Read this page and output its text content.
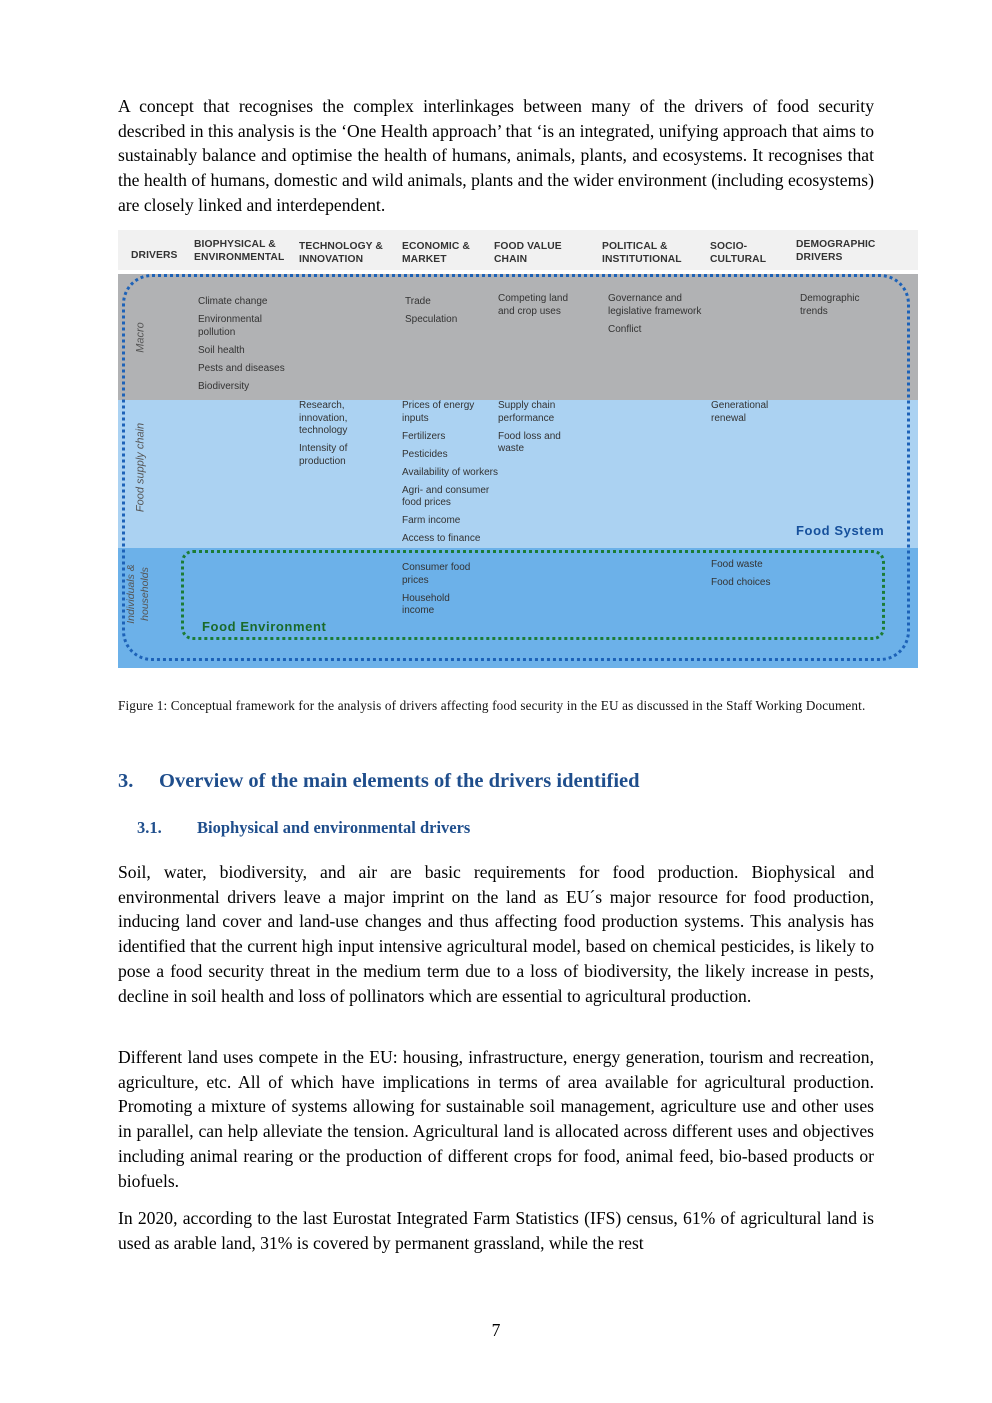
A concept that recognises the complex interlinkages between many of the drivers of food security described in this analysis is the ‘One Health approach’ that ‘is an integrated, unifying approach that aims to sustainably balance and optimise the health of humans, animals, plants, and ecosystems. It recognises that the health of humans, domestic and wild animals, plants and the wider environment (including ecosystems) are closely linked and interdependent.

DRIVERS
BIOPHYSICAL & ENVIRONMENTAL
TECHNOLOGY & INNOVATION
ECONOMIC & MARKET
FOOD VALUE CHAIN
POLITICAL & INSTITUTIONAL
SOCIO- CULTURAL
DEMOGRAPHIC DRIVERS
Macro
Food supply chain
Individuals & households
Climate change
Environmental pollution
Soil health
Pests and diseases
Biodiversity
Trade
Speculation
Competing land and crop uses
Governance and legislative framework
Conflict
Demographic trends
Research, innovation, technology
Intensity of production
Prices of energy inputs
Fertilizers
Pesticides
Availability of workers
Agri- and consumer food prices
Farm income
Access to finance
Supply chain performance
Food loss and waste
Generational renewal
Food System
Consumer food prices
Household income
Food waste
Food choices
Food Environment

Figure 1: Conceptual framework for the analysis of drivers affecting food security in the EU as discussed in the Staff Working Document.

3. Overview of the main elements of the drivers identified
3.1. Biophysical and environmental drivers

Soil, water, biodiversity, and air are basic requirements for food production. Biophysical and environmental drivers leave a major imprint on the land as EU´s major resource for food production, inducing land cover and land-use changes and thus affecting food production systems. This analysis has identified that the current high input intensive agricultural model, based on chemical pesticides, is likely to pose a food security threat in the medium term due to a loss of biodiversity, the likely increase in pests, decline in soil health and loss of pollinators which are essential to agricultural production.

Different land uses compete in the EU: housing, infrastructure, energy generation, tourism and recreation, agriculture, etc. All of which have implications in terms of area available for agricultural production. Promoting a mixture of systems allowing for sustainable soil management, agriculture use and other uses in parallel, can help alleviate the tension. Agricultural land is allocated across different uses and objectives including animal rearing or the production of different crops for food, animal feed, bio-based products or biofuels.

In 2020, according to the last Eurostat Integrated Farm Statistics (IFS) census, 61% of agricultural land is used as arable land, 31% is covered by permanent grassland, while the rest

7
